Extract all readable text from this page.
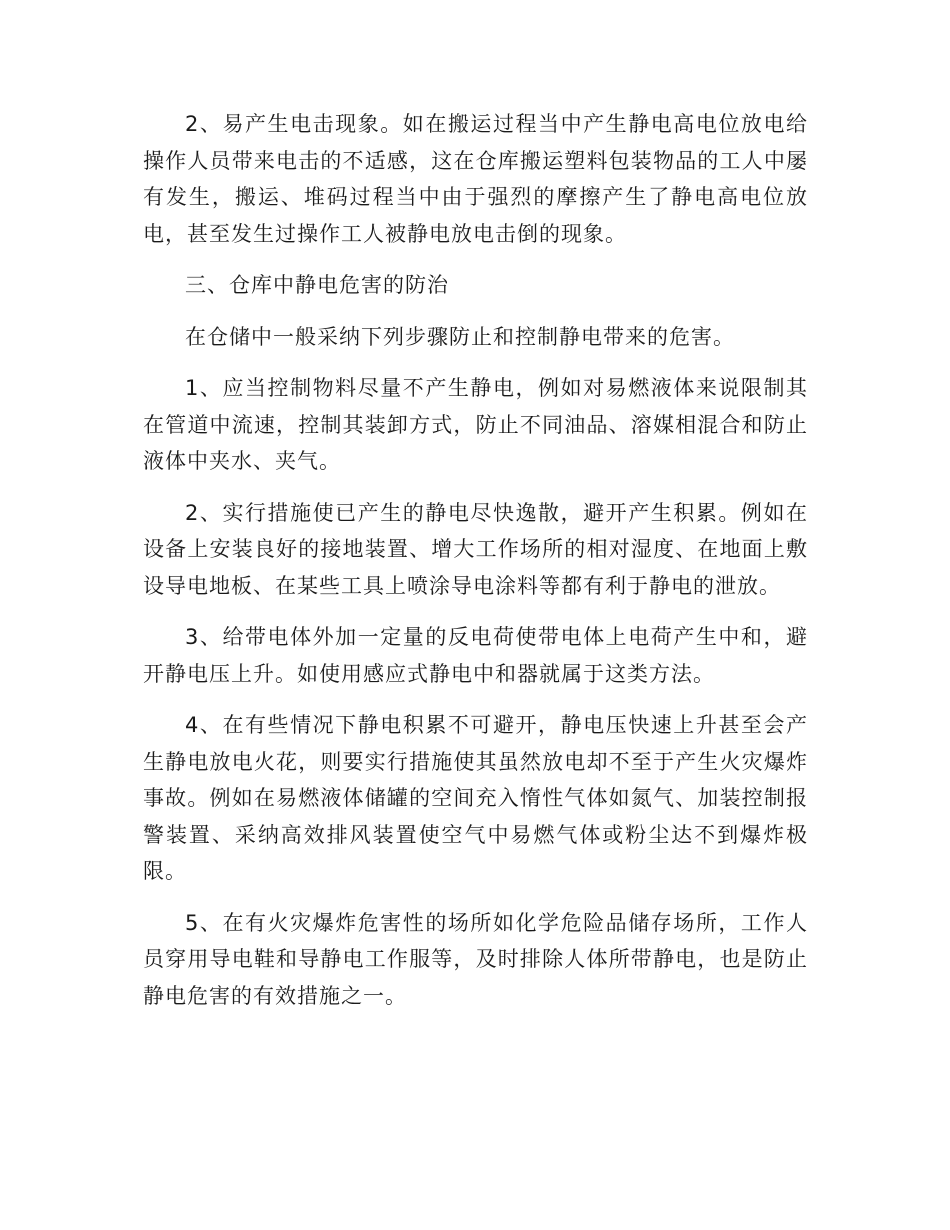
2、易产生电击现象。如在搬运过程当中产生静电高电位放电给操作人员带来电击的不适感，这在仓库搬运塑料包装物品的工人中屡有发生，搬运、堆码过程当中由于强烈的摩擦产生了静电高电位放电，甚至发生过操作工人被静电放电击倒的现象。

三、仓库中静电危害的防治

在仓储中一般采纳下列步骤防止和控制静电带来的危害。

1、应当控制物料尽量不产生静电，例如对易燃液体来说限制其在管道中流速，控制其装卸方式，防止不同油品、溶媒相混合和防止液体中夹水、夹气。

2、实行措施使已产生的静电尽快逸散，避开产生积累。例如在设备上安装良好的接地装置、增大工作场所的相对湿度、在地面上敷设导电地板、在某些工具上喷涂导电涂料等都有利于静电的泄放。

3、给带电体外加一定量的反电荷使带电体上电荷产生中和，避开静电压上升。如使用感应式静电中和器就属于这类方法。

4、在有些情况下静电积累不可避开，静电压快速上升甚至会产生静电放电火花，则要实行措施使其虽然放电却不至于产生火灾爆炸事故。例如在易燃液体储罐的空间充入惰性气体如氮气、加装控制报警装置、采纳高效排风装置使空气中易燃气体或粉尘达不到爆炸极限。

5、在有火灾爆炸危害性的场所如化学危险品储存场所，工作人员穿用导电鞋和导静电工作服等，及时排除人体所带静电，也是防止静电危害的有效措施之一。
